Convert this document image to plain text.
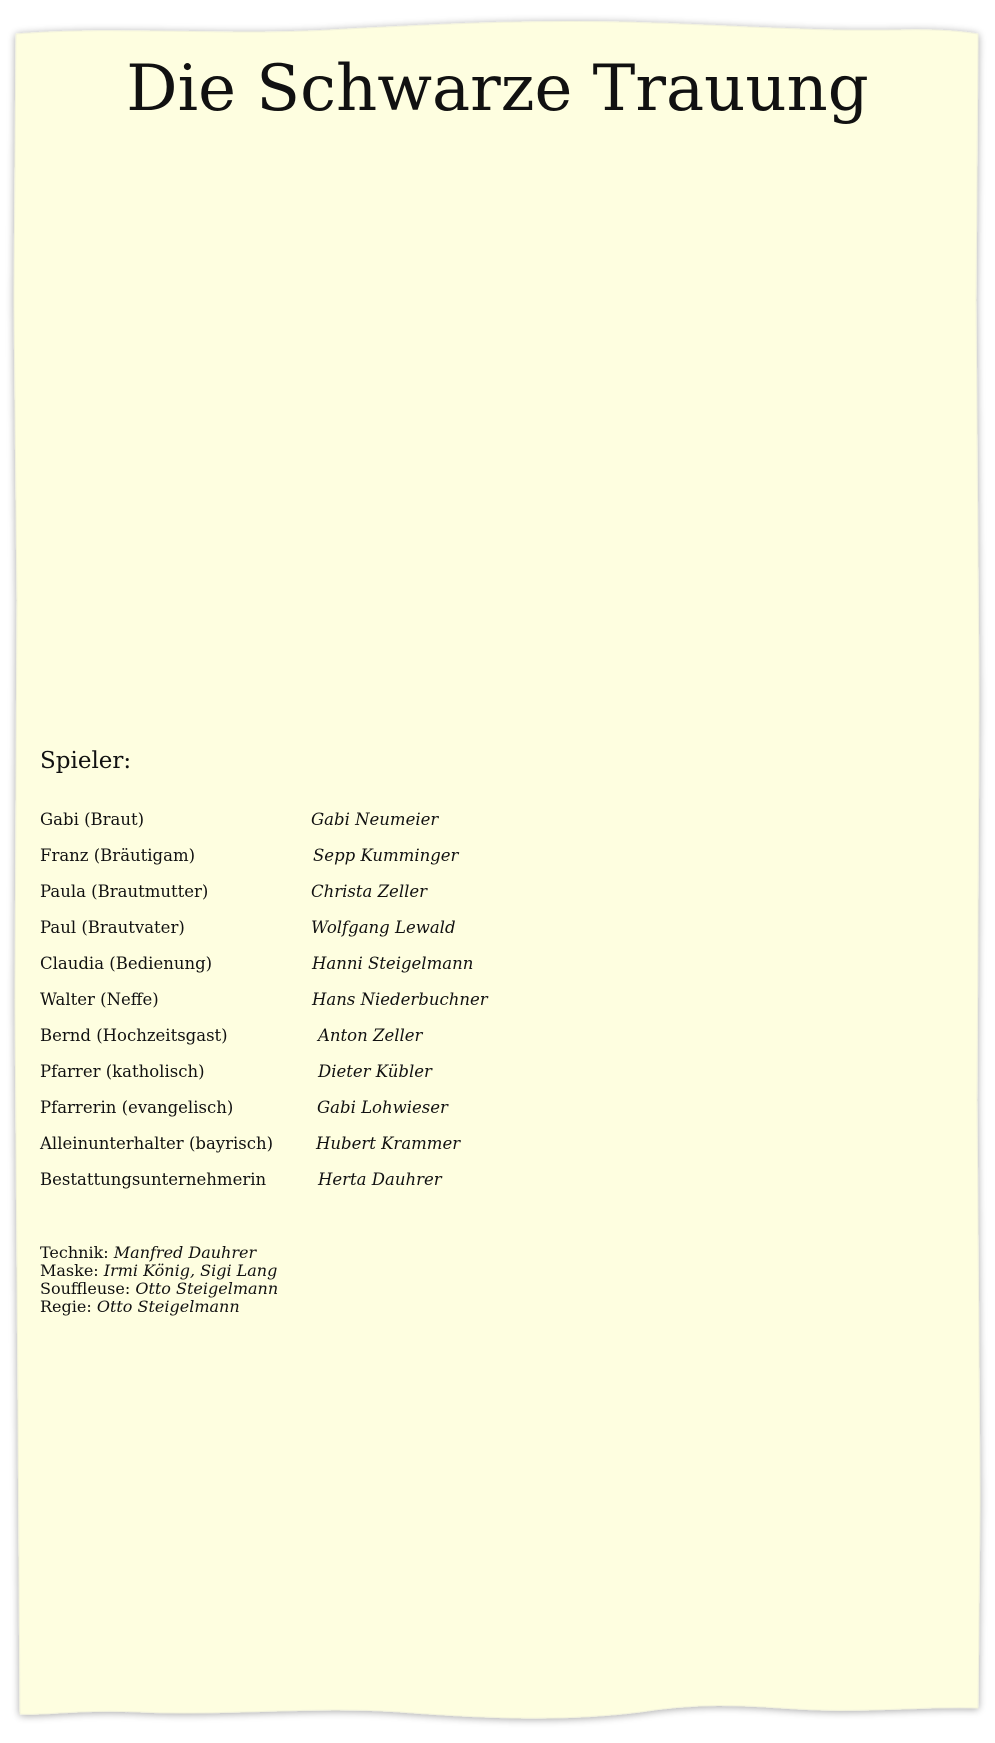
Die Schwarze Trauung
Spieler:
Gabi (Braut)	Gabi Neumeier
Franz (Bräutigam)	Sepp Kumminger
Paula (Brautmutter)	Christa Zeller
Paul (Brautvater)	Wolfgang Lewald
Claudia (Bedienung)	Hanni Steigelmann
Walter (Neffe)	Hans Niederbuchner
Bernd (Hochzeitsgast)	Anton Zeller
Pfarrer (katholisch)	Dieter Kübler
Pfarrerin (evangelisch)	Gabi Lohwieser
Alleinunterhalter (bayrisch)	Hubert Krammer
Bestattungsunternehmerin	Herta Dauhrer
Technik: Manfred Dauhrer
Maske: Irmi König, Sigi Lang
Souffleuse: Otto Steigelmann
Regie: Otto Steigelmann
